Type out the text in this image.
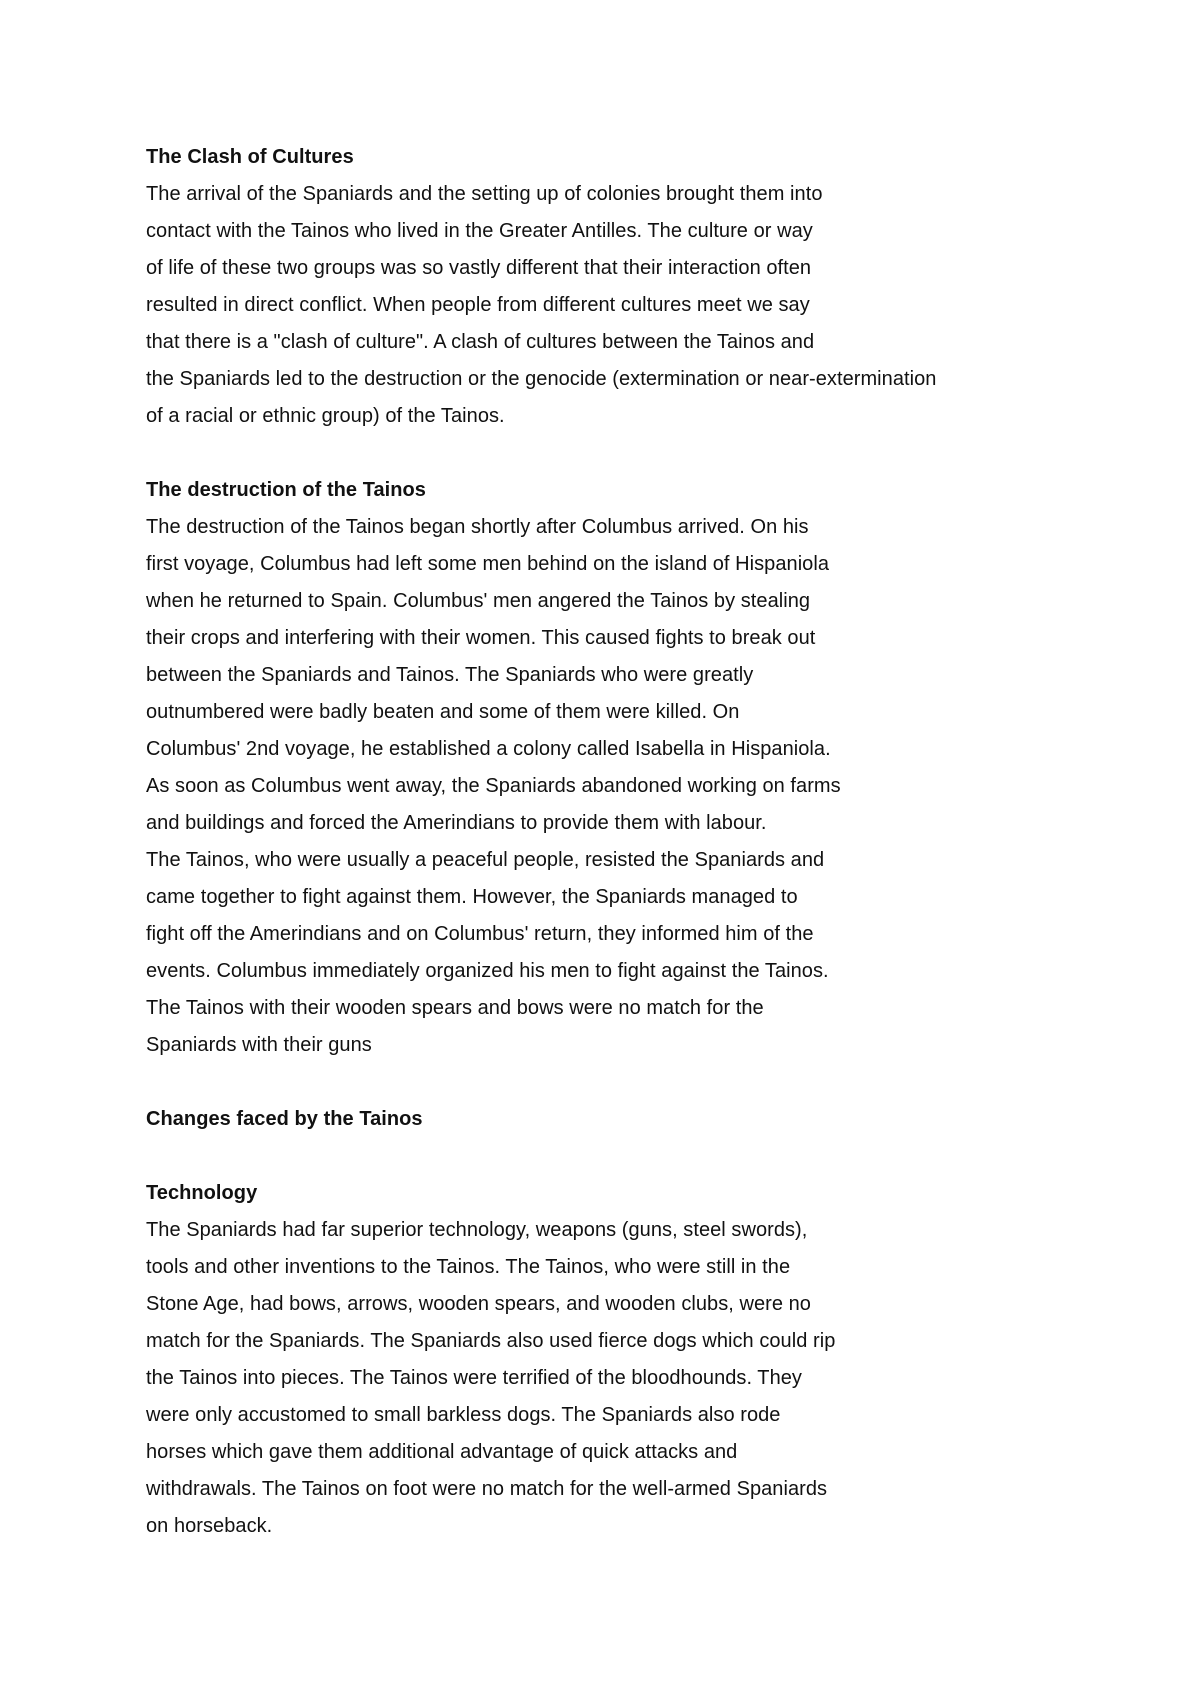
The Clash of Cultures
The arrival of the Spaniards and the setting up of colonies brought them into
contact with the Tainos who lived in the Greater Antilles. The culture or way
of life of these two groups was so vastly different that their interaction often
resulted in direct conflict. When people from different cultures meet we say
that there is a "clash of culture". A clash of cultures between the Tainos and
the Spaniards led to the destruction or the genocide (extermination or near-extermination
of a racial or ethnic group) of the Tainos.
The destruction of the Tainos
The destruction of the Tainos began shortly after Columbus arrived. On his
first voyage, Columbus had left some men behind on the island of Hispaniola
when he returned to Spain. Columbus' men angered the Tainos by stealing
their crops and interfering with their women. This caused fights to break out
between the Spaniards and Tainos. The Spaniards who were greatly
outnumbered were badly beaten and some of them were killed. On
Columbus' 2nd voyage, he established a colony called Isabella in Hispaniola.
As soon as Columbus went away, the Spaniards abandoned working on farms
and buildings and forced the Amerindians to provide them with labour.
The Tainos, who were usually a peaceful people, resisted the Spaniards and
came together to fight against them. However, the Spaniards managed to
fight off the Amerindians and on Columbus' return, they informed him of the
events. Columbus immediately organized his men to fight against the Tainos.
The Tainos with their wooden spears and bows were no match for the
Spaniards with their guns
Changes faced by the Tainos
Technology
The Spaniards had far superior technology, weapons (guns, steel swords),
tools and other inventions to the Tainos. The Tainos, who were still in the
Stone Age, had bows, arrows, wooden spears, and wooden clubs, were no
match for the Spaniards. The Spaniards also used fierce dogs which could rip
the Tainos into pieces. The Tainos were terrified of the bloodhounds. They
were only accustomed to small barkless dogs. The Spaniards also rode
horses which gave them additional advantage of quick attacks and
withdrawals. The Tainos on foot were no match for the well-armed Spaniards
on horseback.
